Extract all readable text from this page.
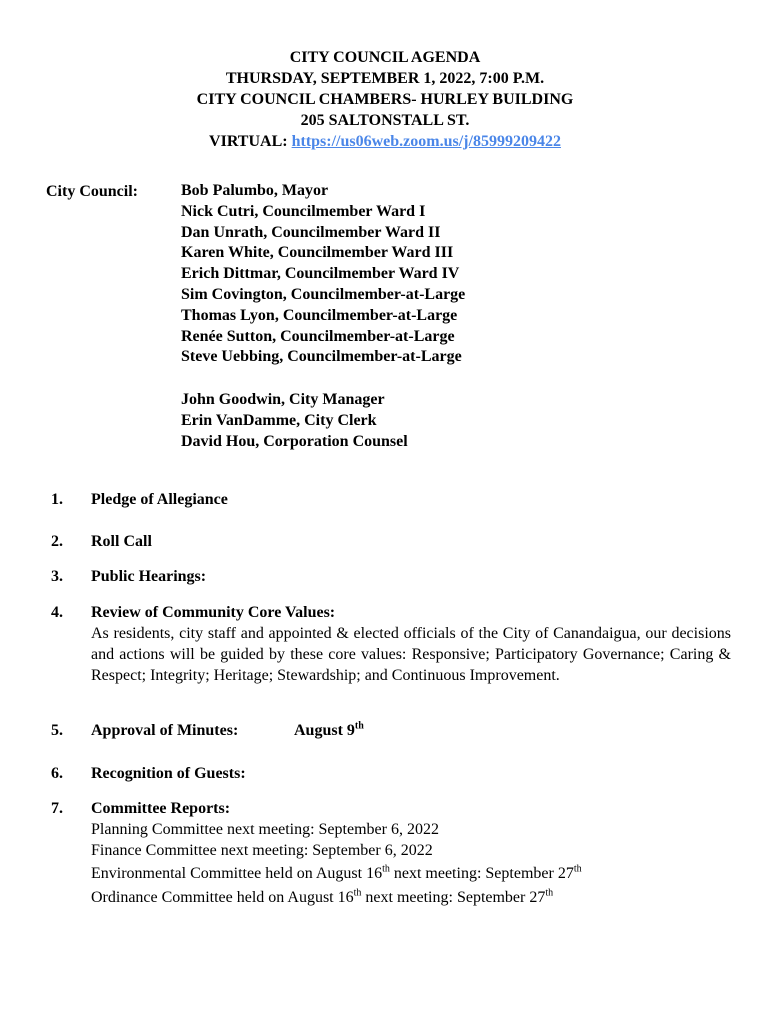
CITY COUNCIL AGENDA
THURSDAY, SEPTEMBER 1, 2022, 7:00 P.M.
CITY COUNCIL CHAMBERS- HURLEY BUILDING
205 SALTONSTALL ST.
VIRTUAL: https://us06web.zoom.us/j/85999209422
City Council:	Bob Palumbo, Mayor
Nick Cutri, Councilmember Ward I
Dan Unrath, Councilmember Ward II
Karen White, Councilmember Ward III
Erich Dittmar, Councilmember Ward IV
Sim Covington, Councilmember-at-Large
Thomas Lyon, Councilmember-at-Large
Renée Sutton, Councilmember-at-Large
Steve Uebbing, Councilmember-at-Large
John Goodwin, City Manager
Erin VanDamme, City Clerk
David Hou, Corporation Counsel
1. Pledge of Allegiance
2. Roll Call
3. Public Hearings:
4. Review of Community Core Values:
As residents, city staff and appointed & elected officials of the City of Canandaigua, our decisions and actions will be guided by these core values: Responsive; Participatory Governance; Caring & Respect; Integrity; Heritage; Stewardship; and Continuous Improvement.
5. Approval of Minutes:	August 9th
6. Recognition of Guests:
7. Committee Reports:
Planning Committee next meeting: September 6, 2022
Finance Committee next meeting: September 6, 2022
Environmental Committee held on August 16th next meeting: September 27th
Ordinance Committee held on August 16th next meeting: September 27th
